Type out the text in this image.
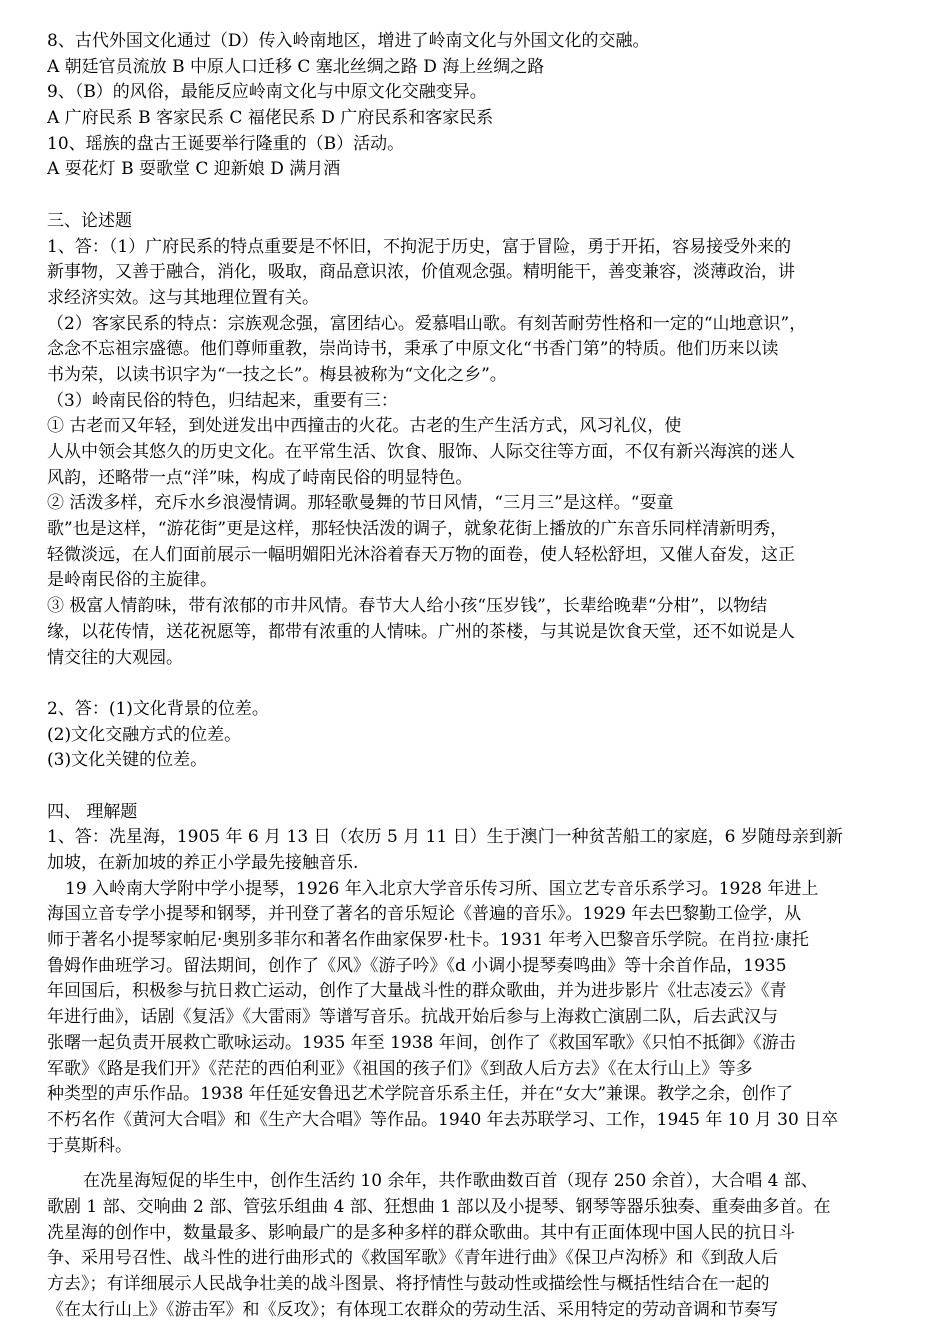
8、古代外国文化通过（D）传入岭南地区，增进了岭南文化与外国文化的交融。
A 朝廷官员流放 B 中原人口迁移 C 塞北丝绸之路 D 海上丝绸之路
9、（B）的风俗，最能反应岭南文化与中原文化交融变异。
A 广府民系 B 客家民系 C 福佬民系 D 广府民系和客家民系
10、瑶族的盘古王诞要举行隆重的（B）活动。
A 耍花灯 B 耍歌堂 C 迎新娘 D 满月酒
三、论述题
1、答：（1）广府民系的特点重要是不怀旧，不拘泥于历史，富于冒险，勇于开拓，容易接受外来的
新事物，又善于融合，消化，吸取，商品意识浓，价值观念强。精明能干，善变兼容，淡薄政治，讲
求经济实效。这与其地理位置有关。
（2）客家民系的特点：宗族观念强，富团结心。爱慕唱山歌。有刻苦耐劳性格和一定的“山地意识”，
念念不忘祖宗盛德。他们尊师重教，崇尚诗书，秉承了中原文化“书香门第”的特质。他们历来以读
书为荣，以读书识字为“一技之长”。梅县被称为“文化之乡”。
（3）岭南民俗的特色，归结起来，重要有三：
① 古老而又年轻，到处迸发出中西撞击的火花。古老的生产生活方式，风习礼仪，使
人从中领会其悠久的历史文化。在平常生活、饮食、服饰、人际交往等方面，不仅有新兴海滨的迷人
风韵，还略带一点“洋”味，构成了峙南民俗的明显特色。
② 活泼多样，充斥水乡浪漫情调。那轻歌曼舞的节日风情，“三月三”是这样。“耍童
歌”也是这样，“游花街”更是这样，那轻快活泼的调子，就象花街上播放的广东音乐同样清新明秀，
轻微淡远，在人们面前展示一幅明媚阳光沐浴着春天万物的面卷，使人轻松舒坦，又催人奋发，这正
是岭南民俗的主旋律。
③ 极富人情韵味，带有浓郁的市井风情。春节大人给小孩“压岁钱”，长辈给晚辈“分柑”，以物结
缘，以花传情，送花祝愿等，都带有浓重的人情味。广州的茶楼，与其说是饮食天堂，还不如说是人
情交往的大观园。
2、答：(1)文化背景的位差。
(2)文化交融方式的位差。
(3)文化关键的位差。
四、 理解题
1、答：冼星海，1905 年 6 月 13 日（农历 5 月 11 日）生于澳门一种贫苦船工的家庭，6 岁随母亲到新
加坡，在新加坡的养正小学最先接触音乐.
19 入岭南大学附中学小提琴，1926 年入北京大学音乐传习所、国立艺专音乐系学习。1928 年进上
海国立音专学小提琴和钢琴，并刊登了著名的音乐短论《普遍的音乐》。1929 年去巴黎勤工俭学，从
师于著名小提琴家帕尼·奥别多菲尔和著名作曲家保罗·杜卡。1931 年考入巴黎音乐学院。在肖拉·康托
鲁姆作曲班学习。留法期间，创作了《风》《游子吟》《d 小调小提琴奏鸣曲》等十余首作品，1935
年回国后，积极参与抗日救亡运动，创作了大量战斗性的群众歌曲，并为进步影片《壮志凌云》《青
年进行曲》，话剧《复活》《大雷雨》等谱写音乐。抗战开始后参与上海救亡演剧二队，后去武汉与
张曙一起负责开展救亡歌咏运动。1935 年至 1938 年间，创作了《救国军歌》《只怕不抵御》《游击
军歌》《路是我们开》《茫茫的西伯利亚》《祖国的孩子们》《到敌人后方去》《在太行山上》等多
种类型的声乐作品。1938 年任延安鲁迅艺术学院音乐系主任，并在“女大”兼课。教学之余，创作了
不朽名作《黄河大合唱》和《生产大合唱》等作品。1940 年去苏联学习、工作，1945 年 10 月 30 日卒
于莫斯科。
在冼星海短促的毕生中，创作生活约 10 余年，共作歌曲数百首（现存 250 余首），大合唱 4 部、
歌剧 1 部、交响曲 2 部、管弦乐组曲 4 部、狂想曲 1 部以及小提琴、钢琴等器乐独奏、重奏曲多首。在
冼星海的创作中，数量最多、影响最广的是多种多样的群众歌曲。其中有正面体现中国人民的抗日斗
争、采用号召性、战斗性的进行曲形式的《救国军歌》《青年进行曲》《保卫卢沟桥》和《到敌人后
方去》；有详细展示人民战争壮美的战斗图景、将抒情性与鼓动性或描绘性与概括性结合在一起的
《在太行山上》《游击军》和《反攻》；有体现工农群众的劳动生活、采用特定的劳动音调和节奏写
